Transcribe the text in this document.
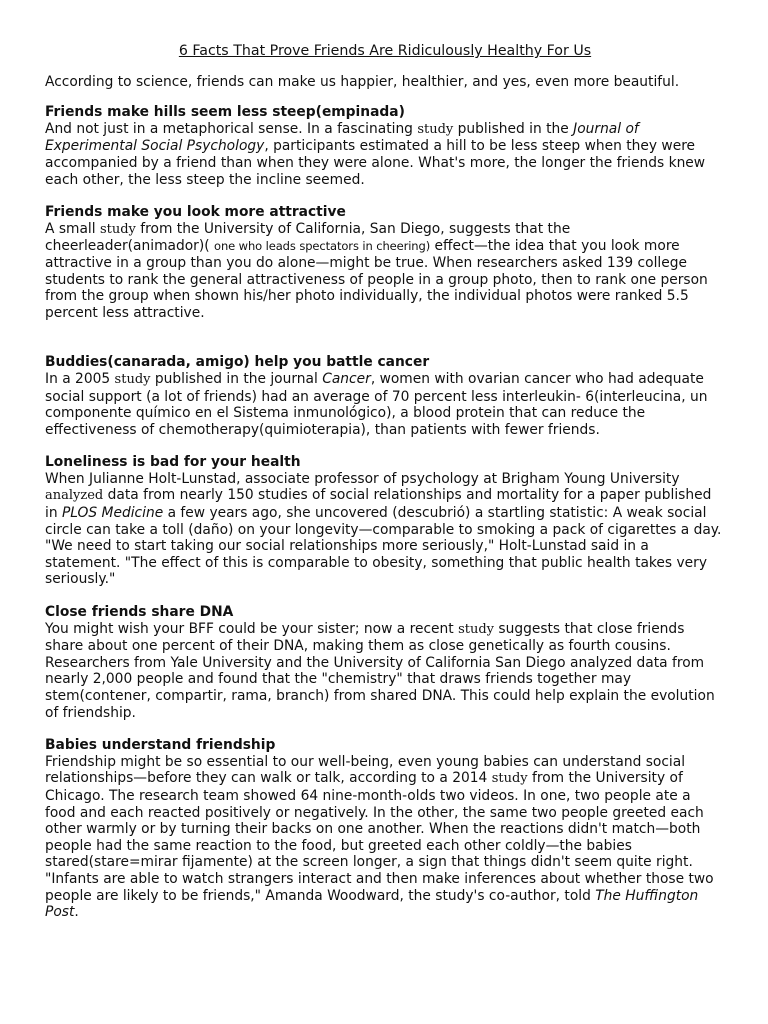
6 Facts That Prove Friends Are Ridiculously Healthy For Us

According to science, friends can make us happier, healthier, and yes, even more beautiful.

Friends make hills seem less steep(empinada)

And not just in a metaphorical sense. In a fascinating study published in the Journal of Experimental Social Psychology, participants estimated a hill to be less steep when they were accompanied by a friend than when they were alone. What's more, the longer the friends knew each other, the less steep the incline seemed.

Friends make you look more attractive

A small study from the University of California, San Diego, suggests that the cheerleader(animador)( one who leads spectators in cheering) effect—the idea that you look more attractive in a group than you do alone—might be true. When researchers asked 139 college students to rank the general attractiveness of people in a group photo, then to rank one person from the group when shown his/her photo individually, the individual photos were ranked 5.5 percent less attractive.

Buddies(canarada, amigo) help you battle cancer

In a 2005 study published in the journal Cancer, women with ovarian cancer who had adequate social support (a lot of friends) had an average of 70 percent less interleukin- 6(interleucina, un componente químico en el Sistema inmunológico), a blood protein that can reduce the effectiveness of chemotherapy(quimioterapia), than patients with fewer friends.

Loneliness is bad for your health

When Julianne Holt-Lunstad, associate professor of psychology at Brigham Young University analyzed data from nearly 150 studies of social relationships and mortality for a paper published in PLOS Medicine a few years ago, she uncovered (descubrió) a startling statistic: A weak social circle can take a toll (daño) on your longevity—comparable to smoking a pack of cigarettes a day. "We need to start taking our social relationships more seriously," Holt-Lunstad said in a statement. "The effect of this is comparable to obesity, something that public health takes very seriously."

Close friends share DNA

You might wish your BFF could be your sister; now a recent study suggests that close friends share about one percent of their DNA, making them as close genetically as fourth cousins. Researchers from Yale University and the University of California San Diego analyzed data from nearly 2,000 people and found that the "chemistry" that draws friends together may stem(contener, compartir, rama, branch) from shared DNA. This could help explain the evolution of friendship.

Babies understand friendship

Friendship might be so essential to our well-being, even young babies can understand social relationships—before they can walk or talk, according to a 2014 study from the University of Chicago. The research team showed 64 nine-month-olds two videos. In one, two people ate a food and each reacted positively or negatively. In the other, the same two people greeted each other warmly or by turning their backs on one another. When the reactions didn't match—both people had the same reaction to the food, but greeted each other coldly—the babies stared(stare=mirar fijamente) at the screen longer, a sign that things didn't seem quite right. "Infants are able to watch strangers interact and then make inferences about whether those two people are likely to be friends," Amanda Woodward, the study's co-author, told The Huffington Post.
